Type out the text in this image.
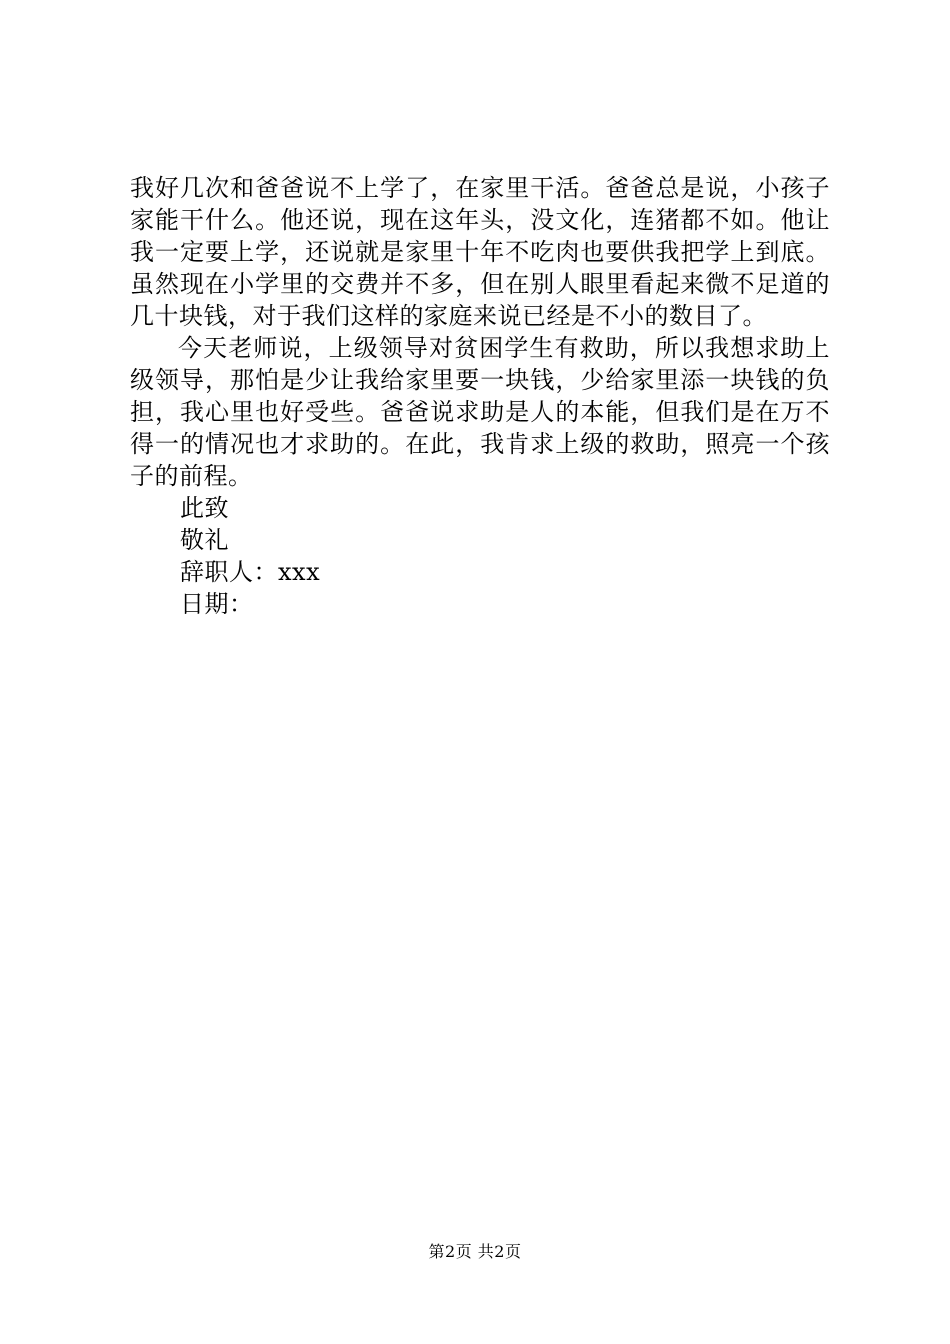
我好几次和爸爸说不上学了，在家里干活。爸爸总是说，小孩子家能干什么。他还说，现在这年头，没文化，连猪都不如。他让我一定要上学，还说就是家里十年不吃肉也要供我把学上到底。虽然现在小学里的交费并不多，但在别人眼里看起来微不足道的几十块钱，对于我们这样的家庭来说已经是不小的数目了。

今天老师说，上级领导对贫困学生有救助，所以我想求助上级领导，那怕是少让我给家里要一块钱，少给家里添一块钱的负担，我心里也好受些。爸爸说求助是人的本能，但我们是在万不得一的情况也才求助的。在此，我肯求上级的救助，照亮一个孩子的前程。

此致

敬礼

辞职人：xxx

日期：

第2页 共2页
